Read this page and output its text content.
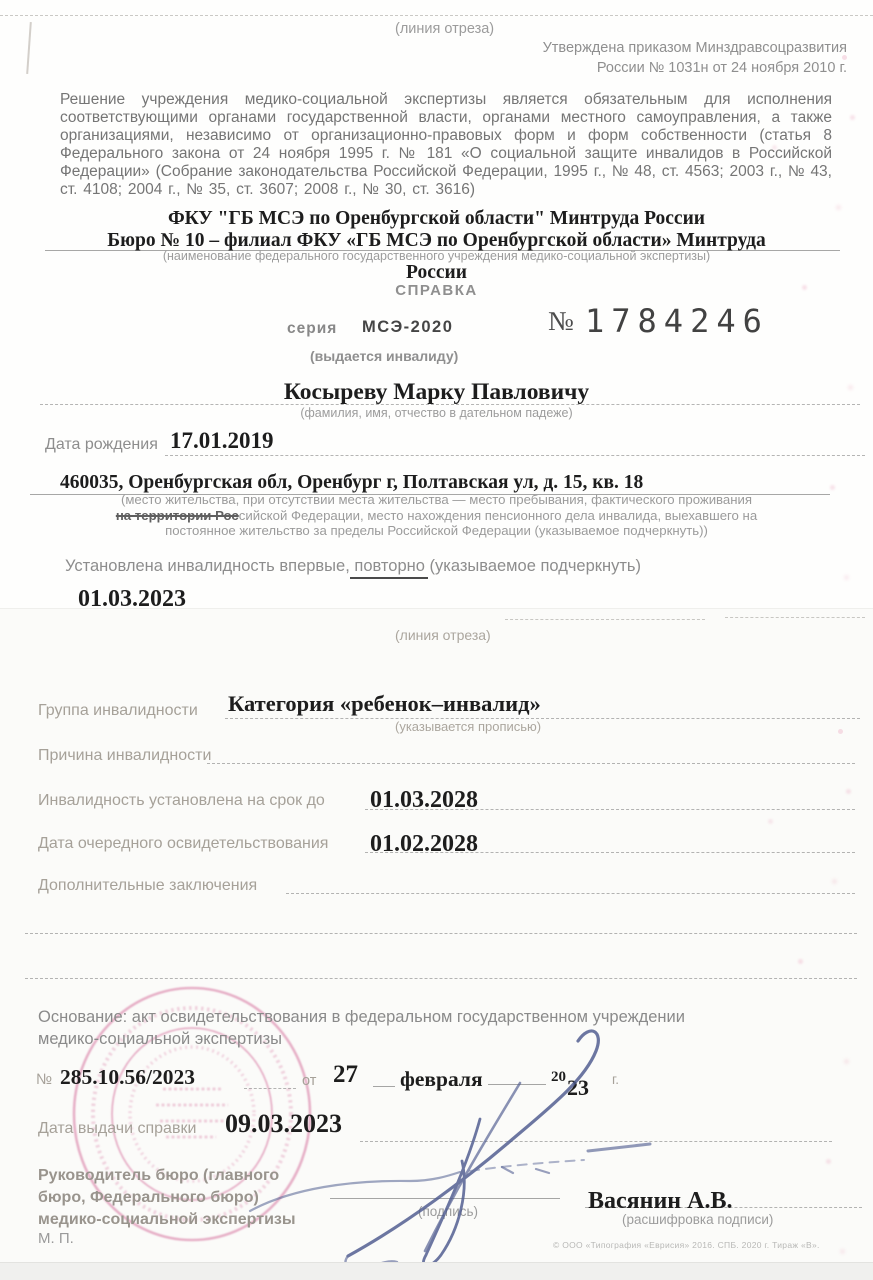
(линия отреза)
Утверждена приказом Минздравсоцразвития
России № 1031н от 24 ноября 2010 г.
Решение учреждения медико-социальной экспертизы является обязательным для исполнения соответствующими органами государственной власти, органами местного самоуправления, а также организациями, независимо от организационно-правовых форм и форм собственности (статья 8 Федерального закона от 24 ноября 1995 г. № 181 «О социальной защите инвалидов в Российской Федерации» (Собрание законодательства Российской Федерации, 1995 г., № 48, ст. 4563; 2003 г., № 43, ст. 4108; 2004 г., № 35, ст. 3607; 2008 г., № 30, ст. 3616)
ФКУ "ГБ МСЭ по Оренбургской области" Минтруда России
Бюро № 10 – филиал ФКУ «ГБ МСЭ по Оренбургской области» Минтруда
(наименование федерального государственного учреждения медико-социальной экспертизы)
России
СПРАВКА
серия МСЭ-2020	№ 1784246
(выдается инвалиду)
Косыреву Марку Павловичу
(фамилия, имя, отчество в дательном падеже)
Дата рождения 17.01.2019
460035, Оренбургская обл, Оренбург г, Полтавская ул, д. 15, кв. 18
(место жительства, при отсутствии места жительства — место пребывания, фактического проживания
на территории Российской Федерации, место нахождения пенсионного дела инвалида, выехавшего на
постоянное жительство за пределы Российской Федерации (указываемое подчеркнуть))
Установлена инвалидность впервые, повторно (указываемое подчеркнуть)
01.03.2023
(линия отреза)
Группа инвалидности Категория «ребенок–инвалид»
(указывается прописью)
Причина инвалидности
Инвалидность установлена на срок до 01.03.2028
Дата очередного освидетельствования 01.02.2028
Дополнительные заключения
Основание: акт освидетельствования в федеральном государственном учреждении
медико-социальной экспертизы
№ 285.10.56/2023	от 27 февраля	20 23 г.
Дата выдачи справки 09.03.2023
Руководитель бюро (главного
бюро, Федерального бюро)
медико-социальной экспертизы
М. П.
(подпись)	Васянин А.В.
(расшифровка подписи)
© ООО «Типография «Еврисия» 2016. СПБ. 2020 г. Тираж «В».
